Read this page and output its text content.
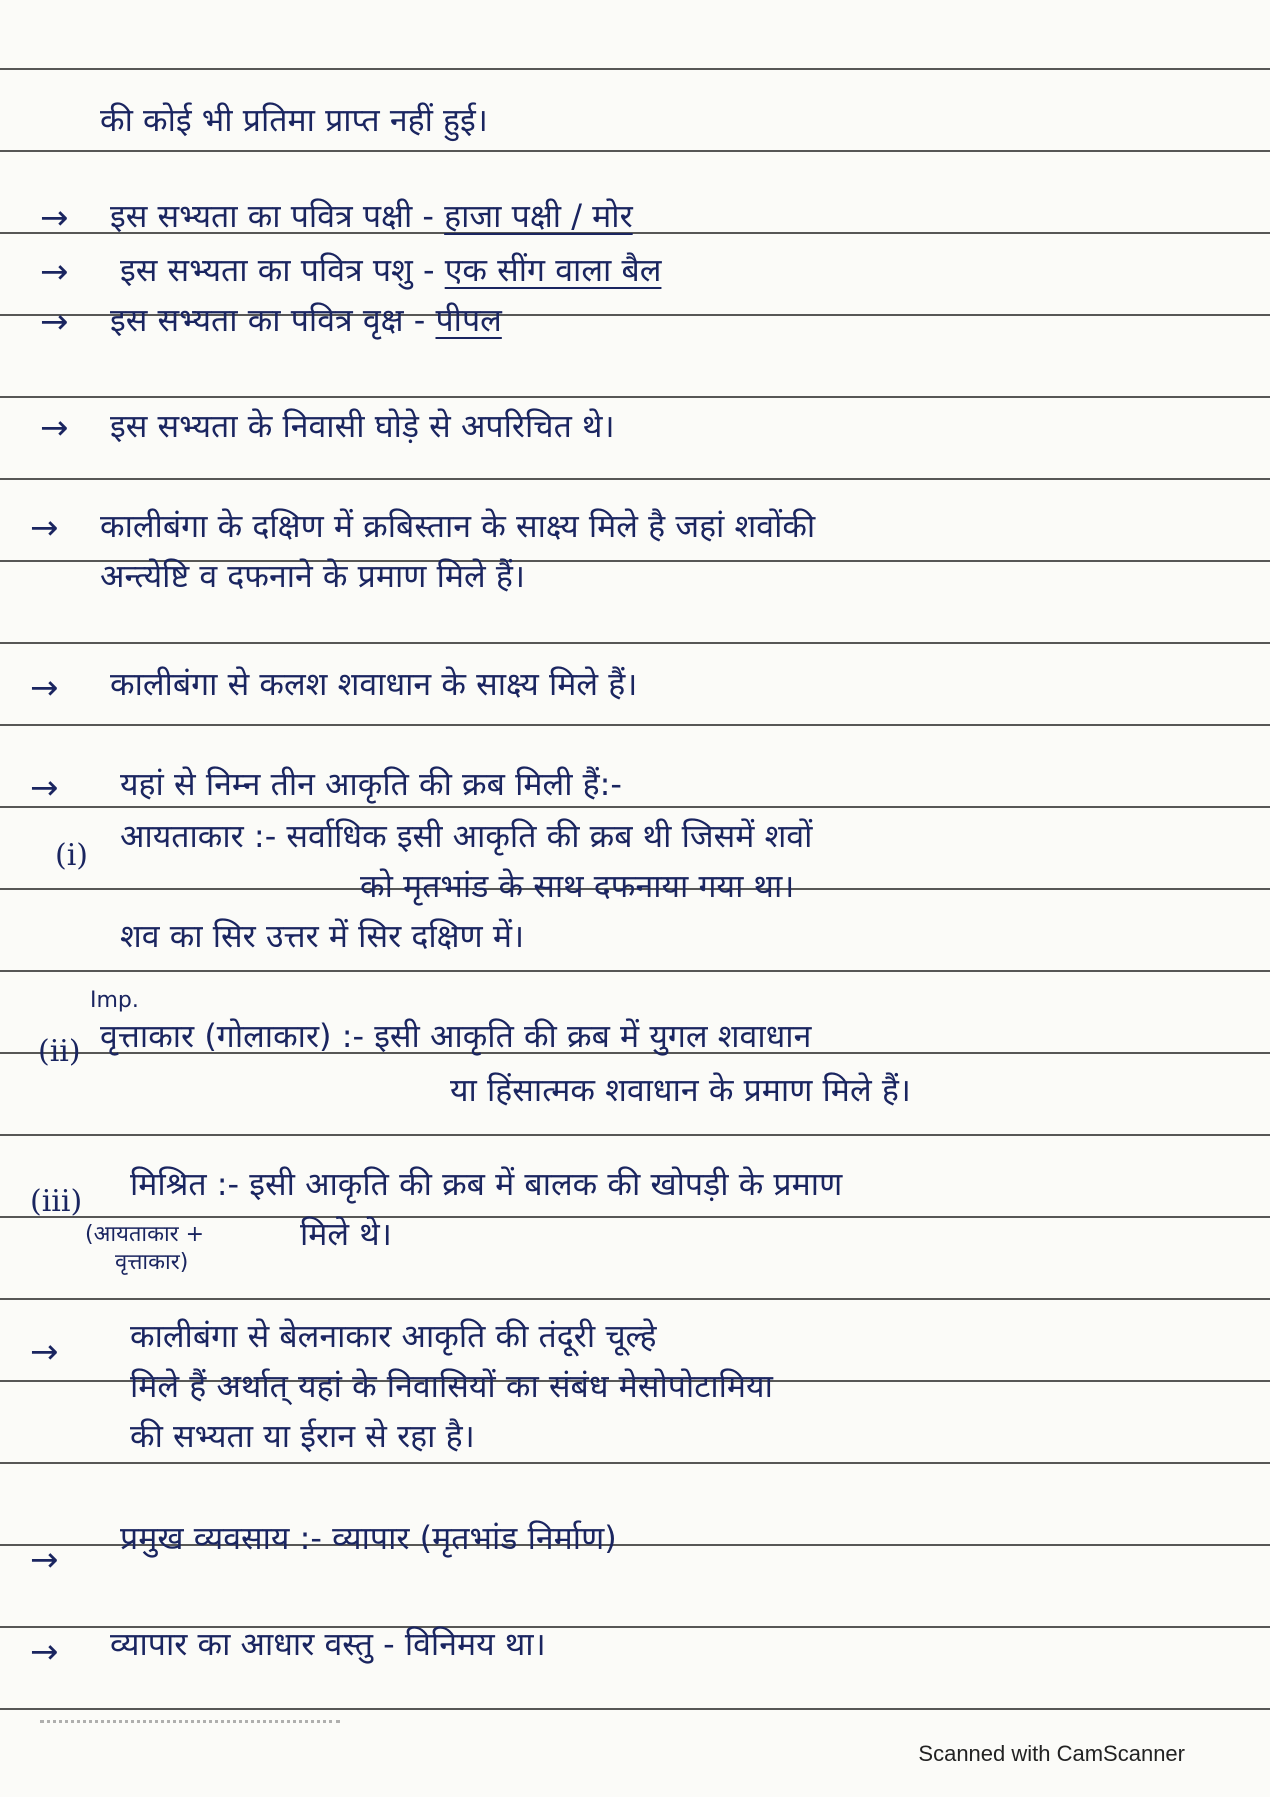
की कोई भी प्रतिमा प्राप्त नहीं हुई।
→ इस सभ्यता का पवित्र पक्षी - हाजा पक्षी / मोर
→ इस सभ्यता का पवित्र पशु - एक सींग वाला बैल
→ इस सभ्यता का पवित्र वृक्ष - पीपल
→ इस सभ्यता के निवासी घोड़े से अपरिचित थे।
→ कालीबंगा के दक्षिण में क्रबिस्तान के साक्ष्य मिले है जहां शवोंकी
अन्त्येष्टि व दफनाने के प्रमाण मिले हैं।
→ कालीबंगा से कलश शवाधान के साक्ष्य मिले हैं।
→ यहां से निम्न तीन आकृति की क्रब मिली हैं:-
(i)
आयताकार :- सर्वाधिक इसी आकृति की क्रब थी जिसमें शवों
को मृतभांड के साथ दफनाया गया था।
शव का सिर उत्तर में सिर दक्षिण में।
Imp.
(ii) वृत्ताकार (गोलाकार) :- इसी आकृति की क्रब में युगल शवाधान
या हिंसात्मक शवाधान के प्रमाण मिले हैं।
(iii) मिश्रित :- इसी आकृति की क्रब में बालक की खोपड़ी के प्रमाण
(आयताकार +	मिले थे।
वृत्ताकार)
→ कालीबंगा से बेलनाकार आकृति की तंदूरी चूल्हे
मिले हैं अर्थात् यहां के निवासियों का संबंध मेसोपोटामिया
की सभ्यता या ईरान से रहा है।
→
प्रमुख व्यवसाय :- व्यापार (मृतभांड निर्माण)
→ व्यापार का आधार वस्तु - विनिमय था।
Scanned with CamScanner
